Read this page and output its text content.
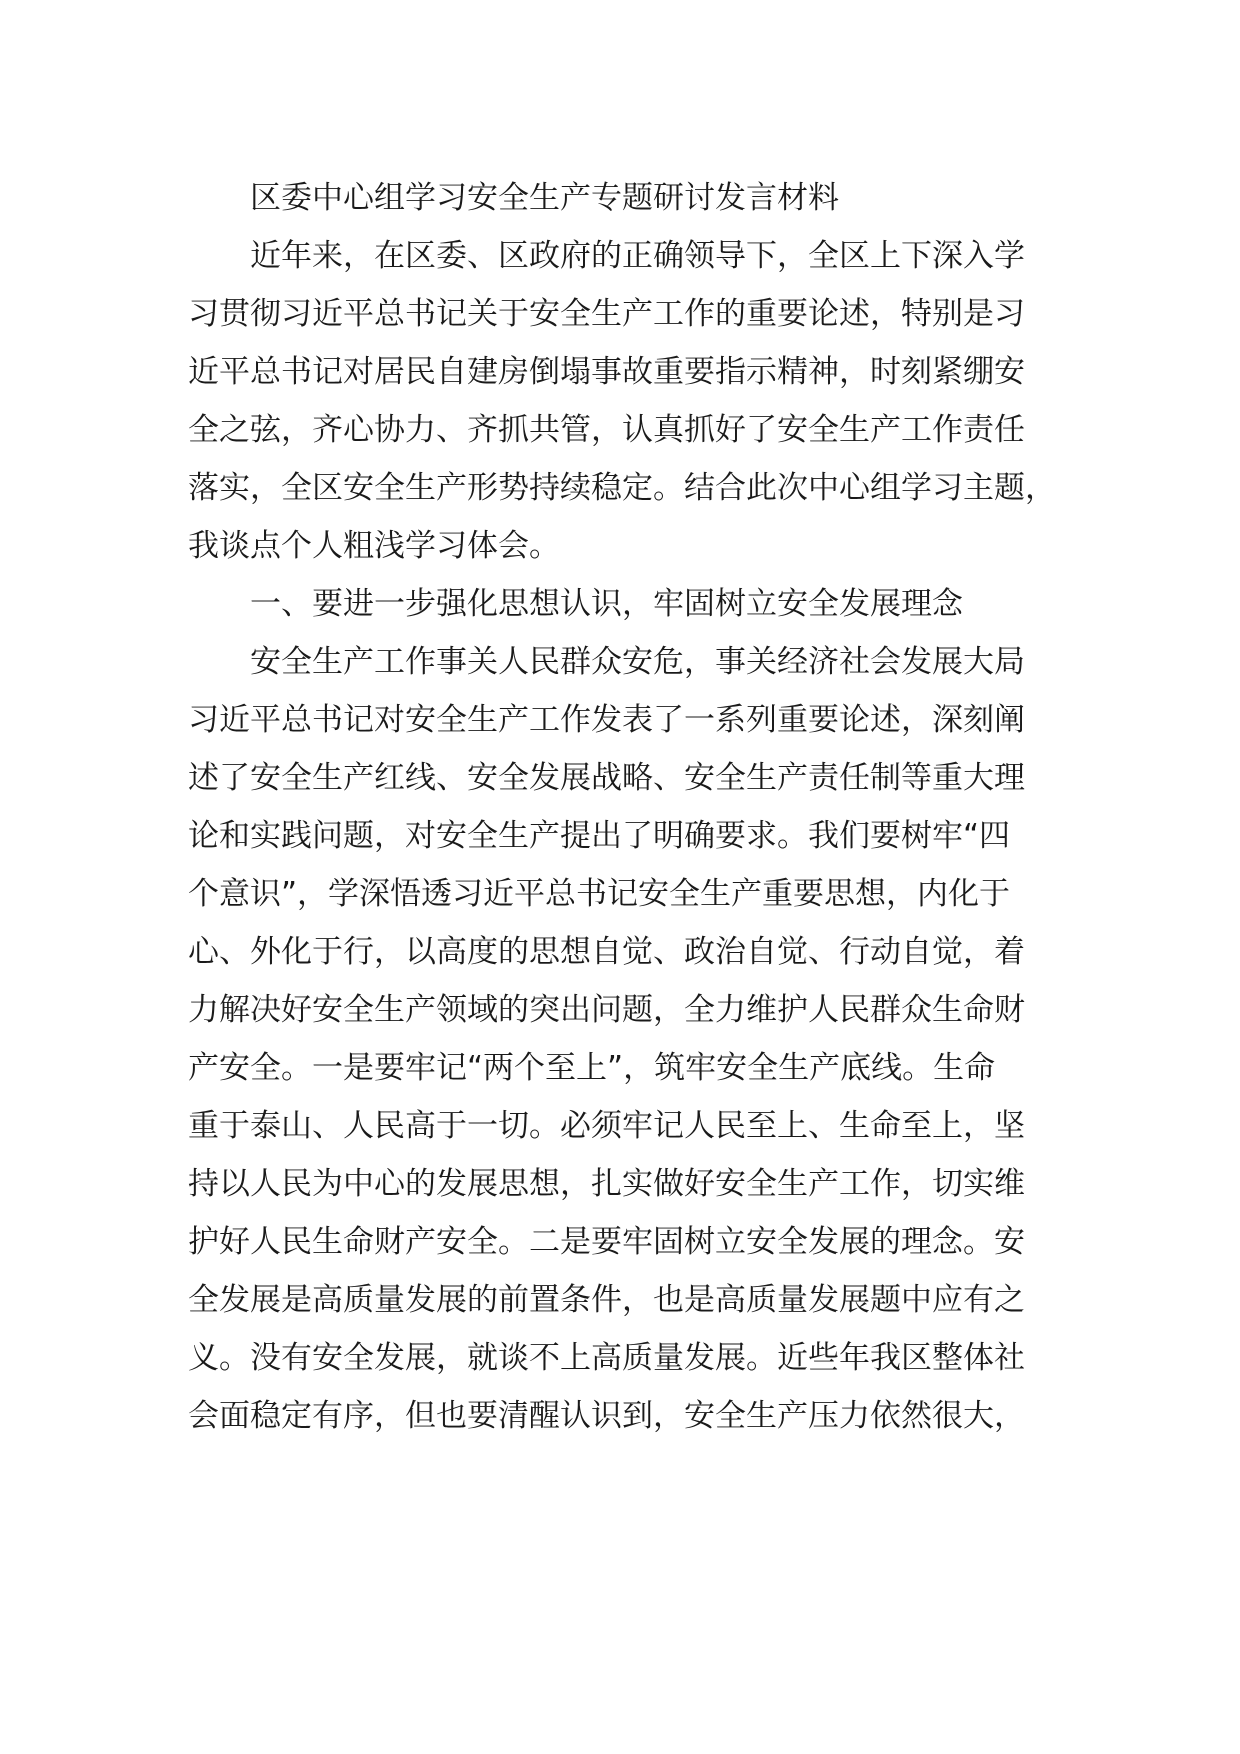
区委中心组学习安全生产专题研讨发言材料
近年来，在区委、区政府的正确领导下，全区上下深入学
习贯彻习近平总书记关于安全生产工作的重要论述，特别是习
近平总书记对居民自建房倒塌事故重要指示精神，时刻紧绷安
全之弦，齐心协力、齐抓共管，认真抓好了安全生产工作责任
落实，全区安全生产形势持续稳定。结合此次中心组学习主题，
我谈点个人粗浅学习体会。
一、要进一步强化思想认识，牢固树立安全发展理念
安全生产工作事关人民群众安危，事关经济社会发展大局
习近平总书记对安全生产工作发表了一系列重要论述，深刻阐
述了安全生产红线、安全发展战略、安全生产责任制等重大理
论和实践问题，对安全生产提出了明确要求。我们要树牢“四
个意识”，学深悟透习近平总书记安全生产重要思想，内化于
心、外化于行，以高度的思想自觉、政治自觉、行动自觉，着
力解决好安全生产领域的突出问题，全力维护人民群众生命财
产安全。一是要牢记“两个至上”，筑牢安全生产底线。生命
重于泰山、人民高于一切。必须牢记人民至上、生命至上，坚
持以人民为中心的发展思想，扎实做好安全生产工作，切实维
护好人民生命财产安全。二是要牢固树立安全发展的理念。安
全发展是高质量发展的前置条件，也是高质量发展题中应有之
义。没有安全发展，就谈不上高质量发展。近些年我区整体社
会面稳定有序，但也要清醒认识到，安全生产压力依然很大，
